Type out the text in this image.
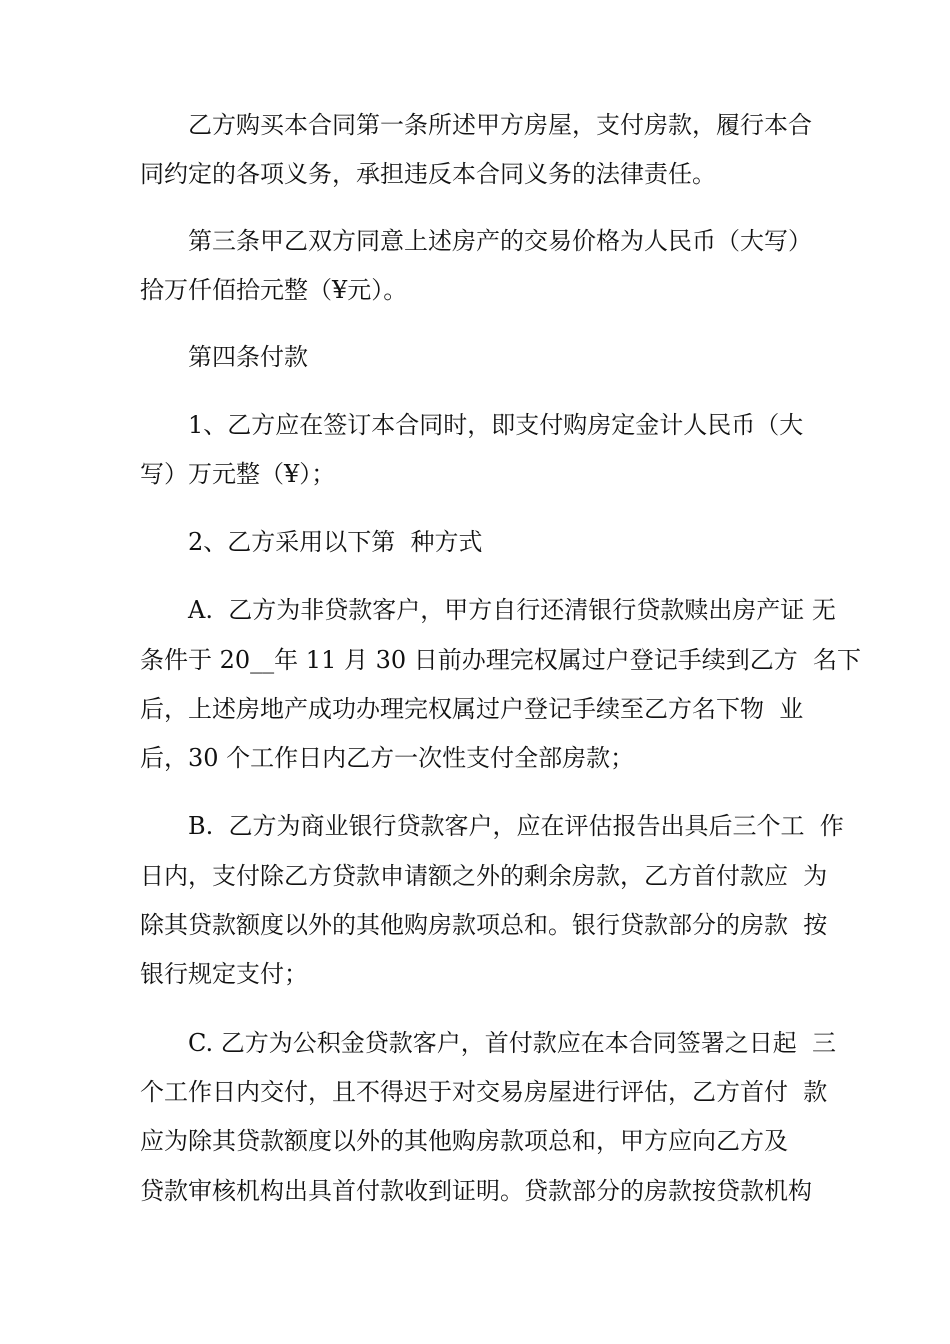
乙方购买本合同第一条所述甲方房屋，支付房款，履行本合
同约定的各项义务，承担违反本合同义务的法律责任。
第三条甲乙双方同意上述房产的交易价格为人民币（大写）
拾万仟佰拾元整（¥元）。
第四条付款
1、乙方应在签订本合同时，即支付购房定金计人民币（大
写）万元整（¥）；
2、乙方采用以下第  种方式
A.  乙方为非贷款客户，甲方自行还清银行贷款赎出房产证 无
条件于 20__年 11 月 30 日前办理完权属过户登记手续到乙方  名下
后，上述房地产成功办理完权属过户登记手续至乙方名下物  业
后，30 个工作日内乙方一次性支付全部房款；
B.  乙方为商业银行贷款客户，应在评估报告出具后三个工  作
日内，支付除乙方贷款申请额之外的剩余房款，乙方首付款应  为
除其贷款额度以外的其他购房款项总和。银行贷款部分的房款  按
银行规定支付；
C. 乙方为公积金贷款客户，首付款应在本合同签署之日起  三
个工作日内交付，且不得迟于对交易房屋进行评估，乙方首付  款
应为除其贷款额度以外的其他购房款项总和，甲方应向乙方及
贷款审核机构出具首付款收到证明。贷款部分的房款按贷款机构
